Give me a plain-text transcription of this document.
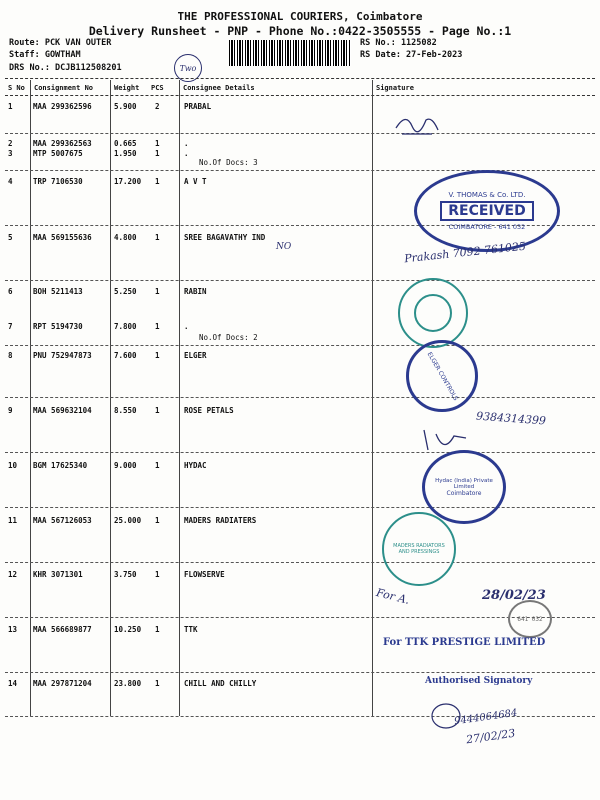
THE PROFESSIONAL COURIERS, Coimbatore
Delivery Runsheet - PNP - Phone No.:0422-3505555 - Page No.:1
Route: PCK VAN OUTER
Staff: GOWTHAM
DRS No.: DCJB112508201
RS No.: 1125082
RS Date: 27-Feb-2023
Two
S No Consignment No	Weight PCS	Consignee Details	Signature
1	MAA 299362596	5.900 2	PRABAL
2	MAA 299362563	0.665 1	.
3	MTP 5007675	1.950 1	.
No.Of Docs: 3
4	TRP 7106530	17.200 1	A V T
5	MAA 569155636	4.800 1	SREE BAGAVATHY IND
NO
6	BOH 5211413	5.250 1	RABIN
7	RPT 5194730	7.800 1	.
No.Of Docs: 2
8	PNU 752947873	7.600 1	ELGER
9	MAA 569632104	8.550 1	ROSE PETALS
10 BGM 17625340	9.000 1	HYDAC
11 MAA 567126053	25.000 1	MADERS RADIATERS
12 KHR 3071301	3.750 1	FLOWSERVE
13 MAA 566689877	10.250 1	TTK
14 MAA 297871204	23.800 1	CHILL AND CHILLY
V. THOMAS & Co. LTD.
RECEIVED
COIMBATORE - 641 032
Prakash 7092 761025
ELGER CONTROLS
9384314399
Hydac (India) Private Limited
Coimbatore
MADERS RADIATORS AND PRESSINGS
For A.	28/02/23
641 032
For TTK PRESTIGE LIMITED
Authorised Signatory
9444064684
27/02/23
